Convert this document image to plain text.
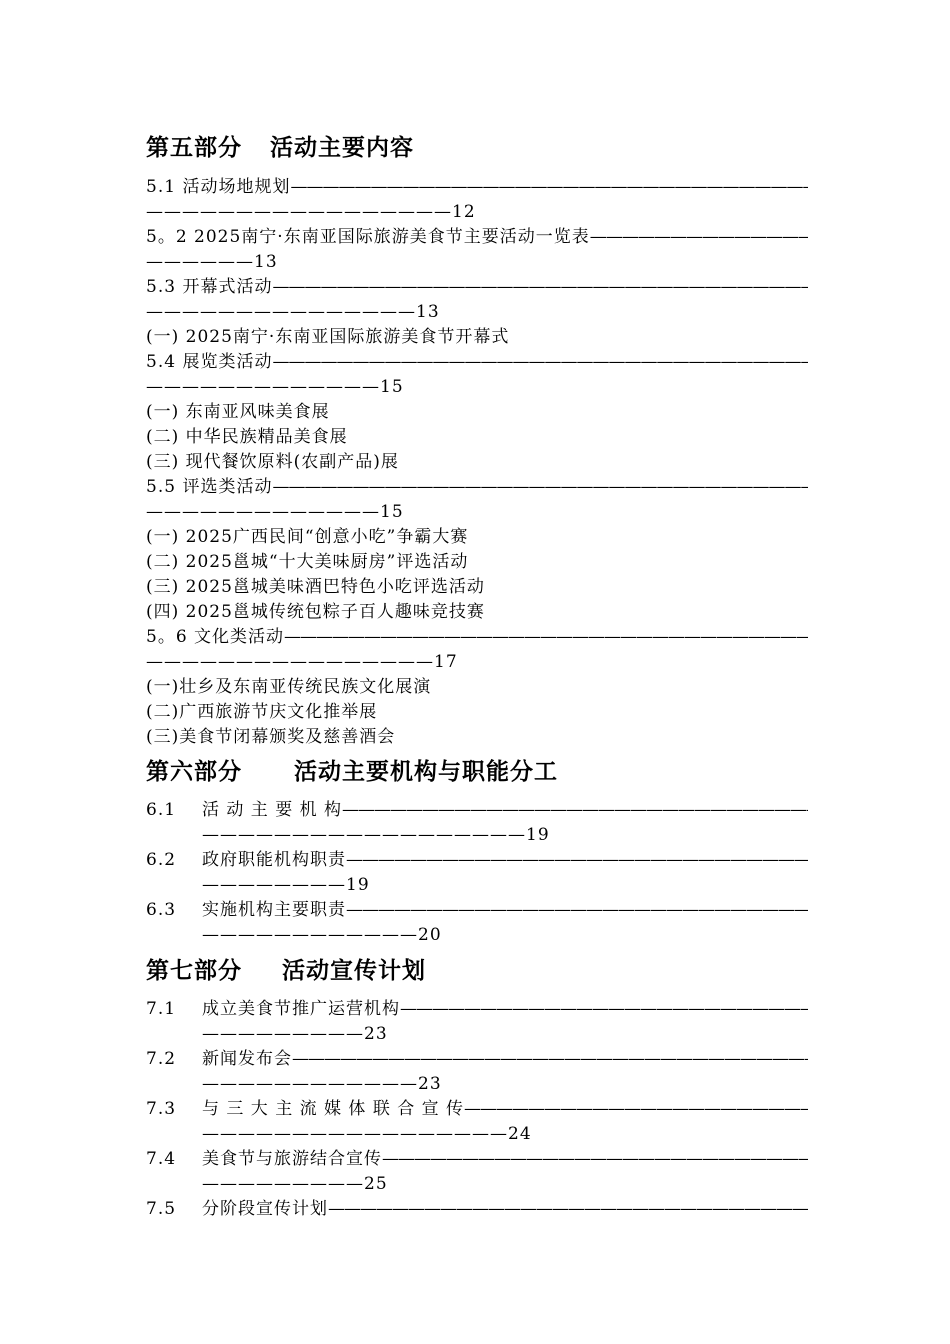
第五部分 活动主要内容
5.1 活动场地规划 —————
—————————————————12
5。2 2025南宁·东南亚国际旅游美食节主要活动一览表 —————
——————13
5.3 开幕式活动 —————
———————————————13
(一) 2025南宁·东南亚国际旅游美食节开幕式
5.4 展览类活动 —————
—————————————15
(一) 东南亚风味美食展
(二) 中华民族精品美食展
(三) 现代餐饮原料(农副产品)展
5.5 评选类活动 —————
—————————————15
(一) 2025广西民间“创意小吃”争霸大赛
(二) 2025邕城“十大美味厨房”评选活动
(三) 2025邕城美味酒巴特色小吃评选活动
(四) 2025邕城传统包粽子百人趣味竞技赛
5。6 文化类活动 —————
————————————————17
(一)壮乡及东南亚传统民族文化展演
(二)广西旅游节庆文化推举展
(三)美食节闭幕颁奖及慈善酒会
第六部分 活动主要机构与职能分工
6.1 活 动 主 要 机 构 —————
——————————————————19
6.2 政府职能机构职责 —————
————————19
6.3 实施机构主要职责 —————
————————————20
第七部分 活动宣传计划
7.1 成立美食节推广运营机构 —————
—————————23
7.2 新闻发布会 —————
————————————23
7.3 与 三 大 主 流 媒 体 联 合 宣 传 —————
—————————————————24
7.4 美食节与旅游结合宣传 —————
—————————25
7.5 分阶段宣传计划 —————
